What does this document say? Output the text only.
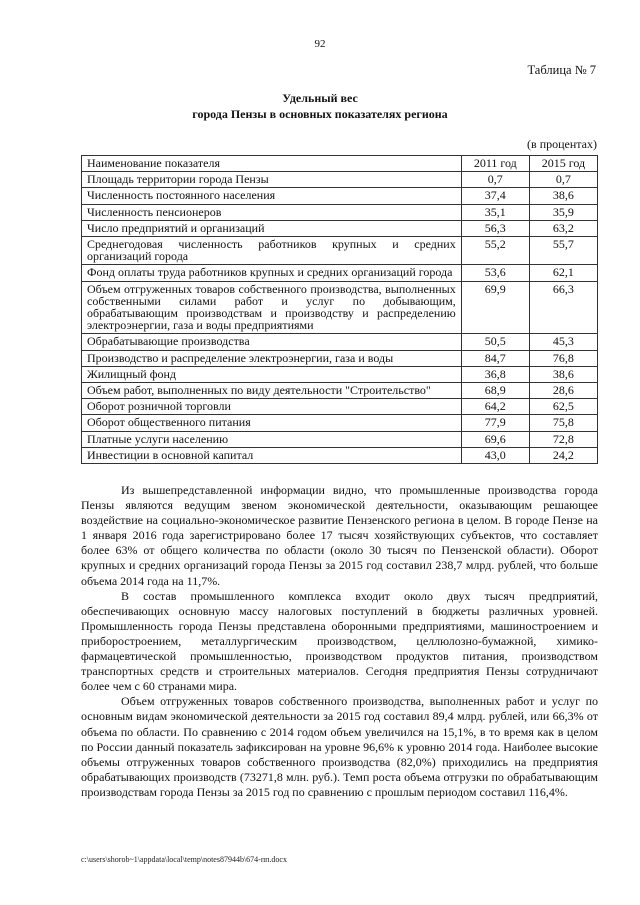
92
Таблица № 7
Удельный вес
города Пензы в основных показателях региона
(в процентах)
Наименование показателя	2011 год	2015 год
Площадь территории города Пензы	0,7	0,7
Численность постоянного населения	37,4	38,6
Численность пенсионеров	35,1	35,9
Число предприятий и организаций	56,3	63,2
Среднегодовая численность работников крупных и средних организаций города	55,2	55,7
Фонд оплаты труда работников крупных и средних организаций города	53,6	62,1
Объем отгруженных товаров собственного производства, выполненных собственными силами работ и услуг по добывающим, обрабатывающим производствам и производству и распределению электроэнергии, газа и воды предприятиями	69,9	66,3
Обрабатывающие производства	50,5	45,3
Производство и распределение электроэнергии, газа и воды	84,7	76,8
Жилищный фонд	36,8	38,6
Объем работ, выполненных по виду деятельности "Строительство"	68,9	28,6
Оборот розничной торговли	64,2	62,5
Оборот общественного питания	77,9	75,8
Платные услуги населению	69,6	72,8
Инвестиции в основной капитал	43,0	24,2

Из вышепредставленной информации видно, что промышленные производства города Пензы являются ведущим звеном экономической деятельности, оказывающим решающее воздействие на социально-экономическое развитие Пензенского региона в целом. В городе Пензе на 1 января 2016 года зарегистрировано более 17 тысяч хозяйствующих субъектов, что составляет более 63% от общего количества по области (около 30 тысяч по Пензенской области). Оборот крупных и средних организаций города Пензы за 2015 год составил 238,7 млрд. рублей, что больше объема 2014 года на 11,7%.

В состав промышленного комплекса входит около двух тысяч предприятий, обеспечивающих основную массу налоговых поступлений в бюджеты различных уровней. Промышленность города Пензы представлена оборонными предприятиями, машиностроением и приборостроением, металлургическим производством, целлюлозно-бумажной, химико-фармацевтической промышленностью, производством продуктов питания, производством транспортных средств и строительных материалов. Сегодня предприятия Пензы сотрудничают более чем с 60 странами мира.

Объем отгруженных товаров собственного производства, выполненных работ и услуг по основным видам экономической деятельности за 2015 год составил 89,4 млрд. рублей, или 66,3% от объема по области. По сравнению с 2014 годом объем увеличился на 15,1%, в то время как в целом по России данный показатель зафиксирован на уровне 96,6% к уровню 2014 года. Наиболее высокие объемы отгруженных товаров собственного производства (82,0%) приходились на предприятия обрабатывающих производств (73271,8 млн. руб.). Темп роста объема отгрузки по обрабатывающим производствам города Пензы за 2015 год по сравнению с прошлым периодом составил 116,4%.

c:\users\shorob~1\appdata\local\temp\notes87944b\674-пп.docx
